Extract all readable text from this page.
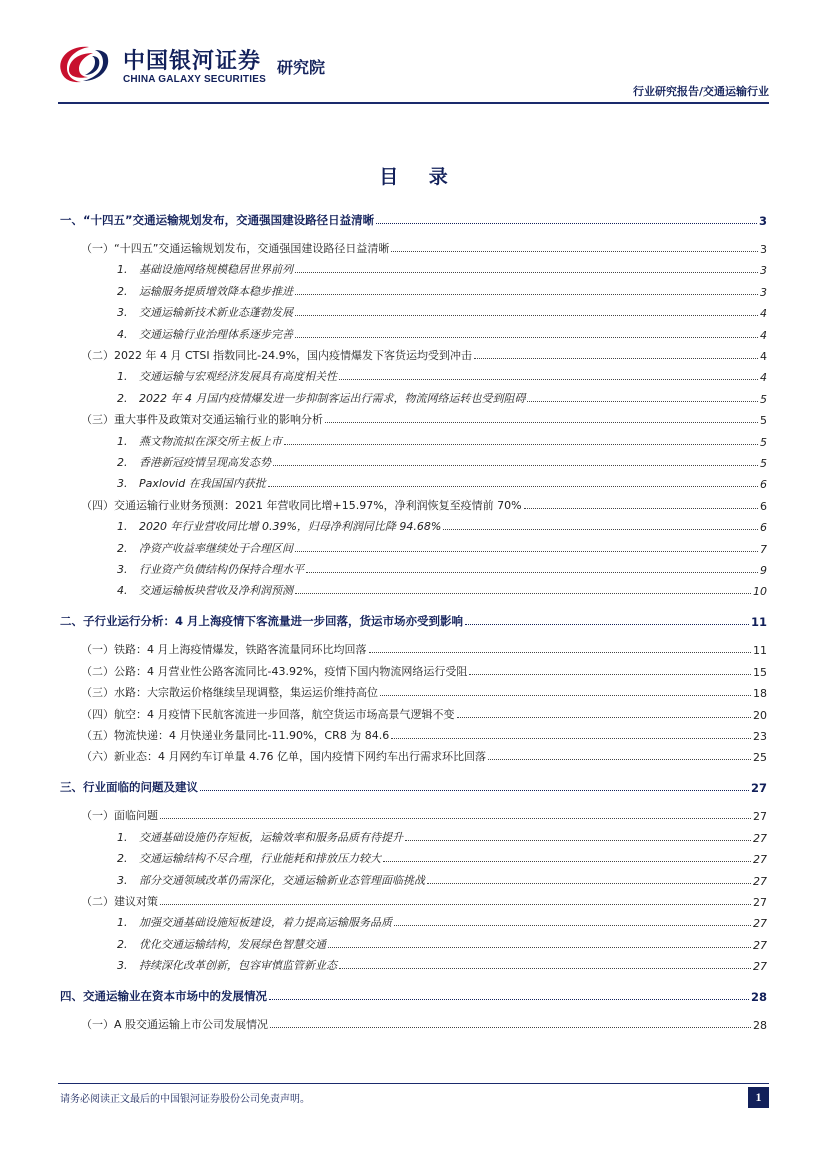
中国银河证券
CHINA GALAXY SECURITIES
研究院
行业研究报告/交通运输行业
目 录
一、“十四五”交通运输规划发布，交通强国建设路径日益清晰	3
（一）“十四五”交通运输规划发布，交通强国建设路径日益清晰	3
1. 基础设施网络规模稳居世界前列	3
2. 运输服务提质增效降本稳步推进	3
3. 交通运输新技术新业态蓬勃发展	4
4. 交通运输行业治理体系逐步完善	4
（二）2022 年 4 月 CTSI 指数同比-24.9%，国内疫情爆发下客货运均受到冲击	4
1. 交通运输与宏观经济发展具有高度相关性	4
2. 2022 年 4 月国内疫情爆发进一步抑制客运出行需求，物流网络运转也受到阻碍	5
（三）重大事件及政策对交通运输行业的影响分析	5
1. 燕文物流拟在深交所主板上市	5
2. 香港新冠疫情呈现高发态势	5
3. Paxlovid 在我国国内获批	6
（四）交通运输行业财务预测：2021 年营收同比增+15.97%，净利润恢复至疫情前 70%	6
1. 2020 年行业营收同比增 0.39%，归母净利润同比降 94.68%	6
2. 净资产收益率继续处于合理区间	7
3. 行业资产负债结构仍保持合理水平	9
4. 交通运输板块营收及净利润预测	10
二、子行业运行分析：4 月上海疫情下客流量进一步回落，货运市场亦受到影响	11
（一）铁路：4 月上海疫情爆发，铁路客流量同环比均回落	11
（二）公路：4 月营业性公路客流同比-43.92%，疫情下国内物流网络运行受阻	15
（三）水路：大宗散运价格继续呈现调整，集运运价维持高位	18
（四）航空：4 月疫情下民航客流进一步回落，航空货运市场高景气逻辑不变	20
（五）物流快递：4 月快递业务量同比-11.90%，CR8 为 84.6	23
（六）新业态：4 月网约车订单量 4.76 亿单，国内疫情下网约车出行需求环比回落	25
三、行业面临的问题及建议	27
（一）面临问题	27
1. 交通基础设施仍存短板，运输效率和服务品质有待提升	27
2. 交通运输结构不尽合理，行业能耗和排放压力较大	27
3. 部分交通领域改革仍需深化，交通运输新业态管理面临挑战	27
（二）建议对策	27
1. 加强交通基础设施短板建设，着力提高运输服务品质	27
2. 优化交通运输结构，发展绿色智慧交通	27
3. 持续深化改革创新，包容审慎监管新业态	27
四、交通运输业在资本市场中的发展情况	28
（一）A 股交通运输上市公司发展情况	28
请务必阅读正文最后的中国银河证券股份公司免责声明。	1
